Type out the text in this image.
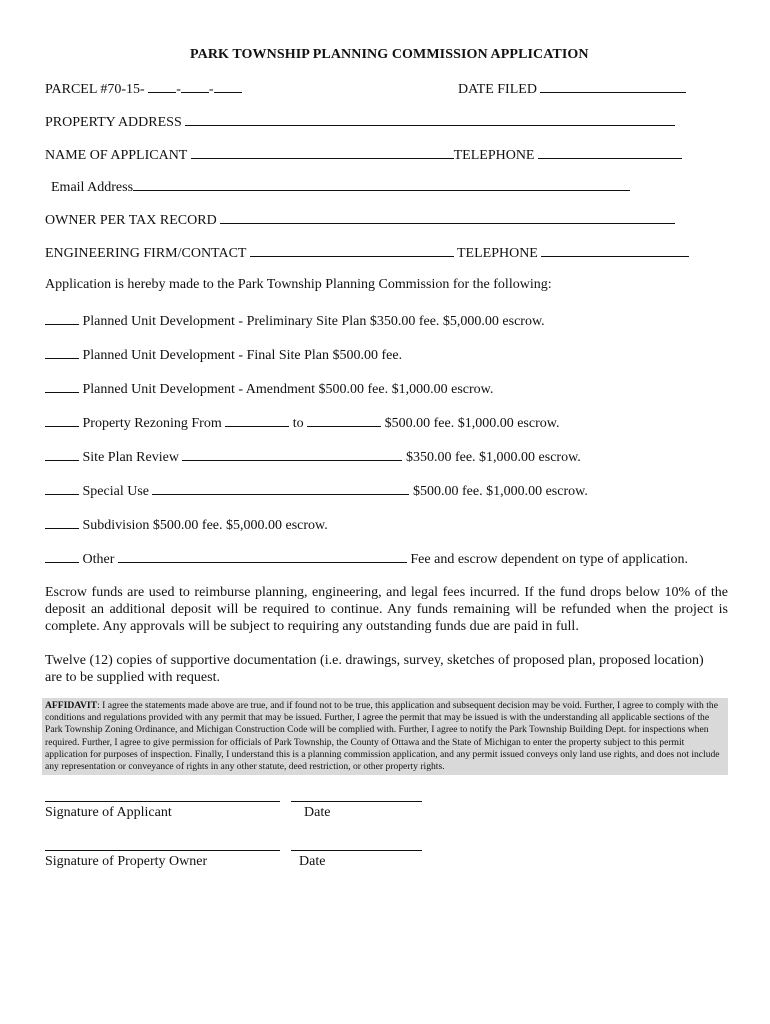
PARK TOWNSHIP PLANNING COMMISSION APPLICATION
PARCEL #70-15- - -	DATE FILED
PROPERTY ADDRESS
NAME OF APPLICANT	TELEPHONE
Email Address
OWNER PER TAX RECORD
ENGINEERING FIRM/CONTACT	TELEPHONE
Application is hereby made to the Park Township Planning Commission for the following:
Planned Unit Development - Preliminary Site Plan $350.00 fee. $5,000.00 escrow.
Planned Unit Development - Final Site Plan $500.00 fee.
Planned Unit Development - Amendment $500.00 fee. $1,000.00 escrow.
Property Rezoning From	to	$500.00 fee. $1,000.00 escrow.
Site Plan Review	$350.00 fee. $1,000.00 escrow.
Special Use	$500.00 fee. $1,000.00 escrow.
Subdivision $500.00 fee. $5,000.00 escrow.
Other	Fee and escrow dependent on type of application.
Escrow funds are used to reimburse planning, engineering, and legal fees incurred. If the fund drops below 10% of the deposit an additional deposit will be required to continue. Any funds remaining will be refunded when the project is complete. Any approvals will be subject to requiring any outstanding funds due are paid in full.
Twelve (12) copies of supportive documentation (i.e. drawings, survey, sketches of proposed plan, proposed location) are to be supplied with request.
AFFIDAVIT: I agree the statements made above are true, and if found not to be true, this application and subsequent decision may be void. Further, I agree to comply with the conditions and regulations provided with any permit that may be issued. Further, I agree the permit that may be issued is with the understanding all applicable sections of the Park Township Zoning Ordinance, and Michigan Construction Code will be complied with. Further, I agree to notify the Park Township Building Dept. for inspections when required. Further, I agree to give permission for officials of Park Township, the County of Ottawa and the State of Michigan to enter the property subject to this permit application for purposes of inspection. Finally, I understand this is a planning commission application, and any permit issued conveys only land use rights, and does not include any representation or conveyance of rights in any other statute, deed restriction, or other property rights.
Signature of Applicant	Date
Signature of Property Owner	Date
